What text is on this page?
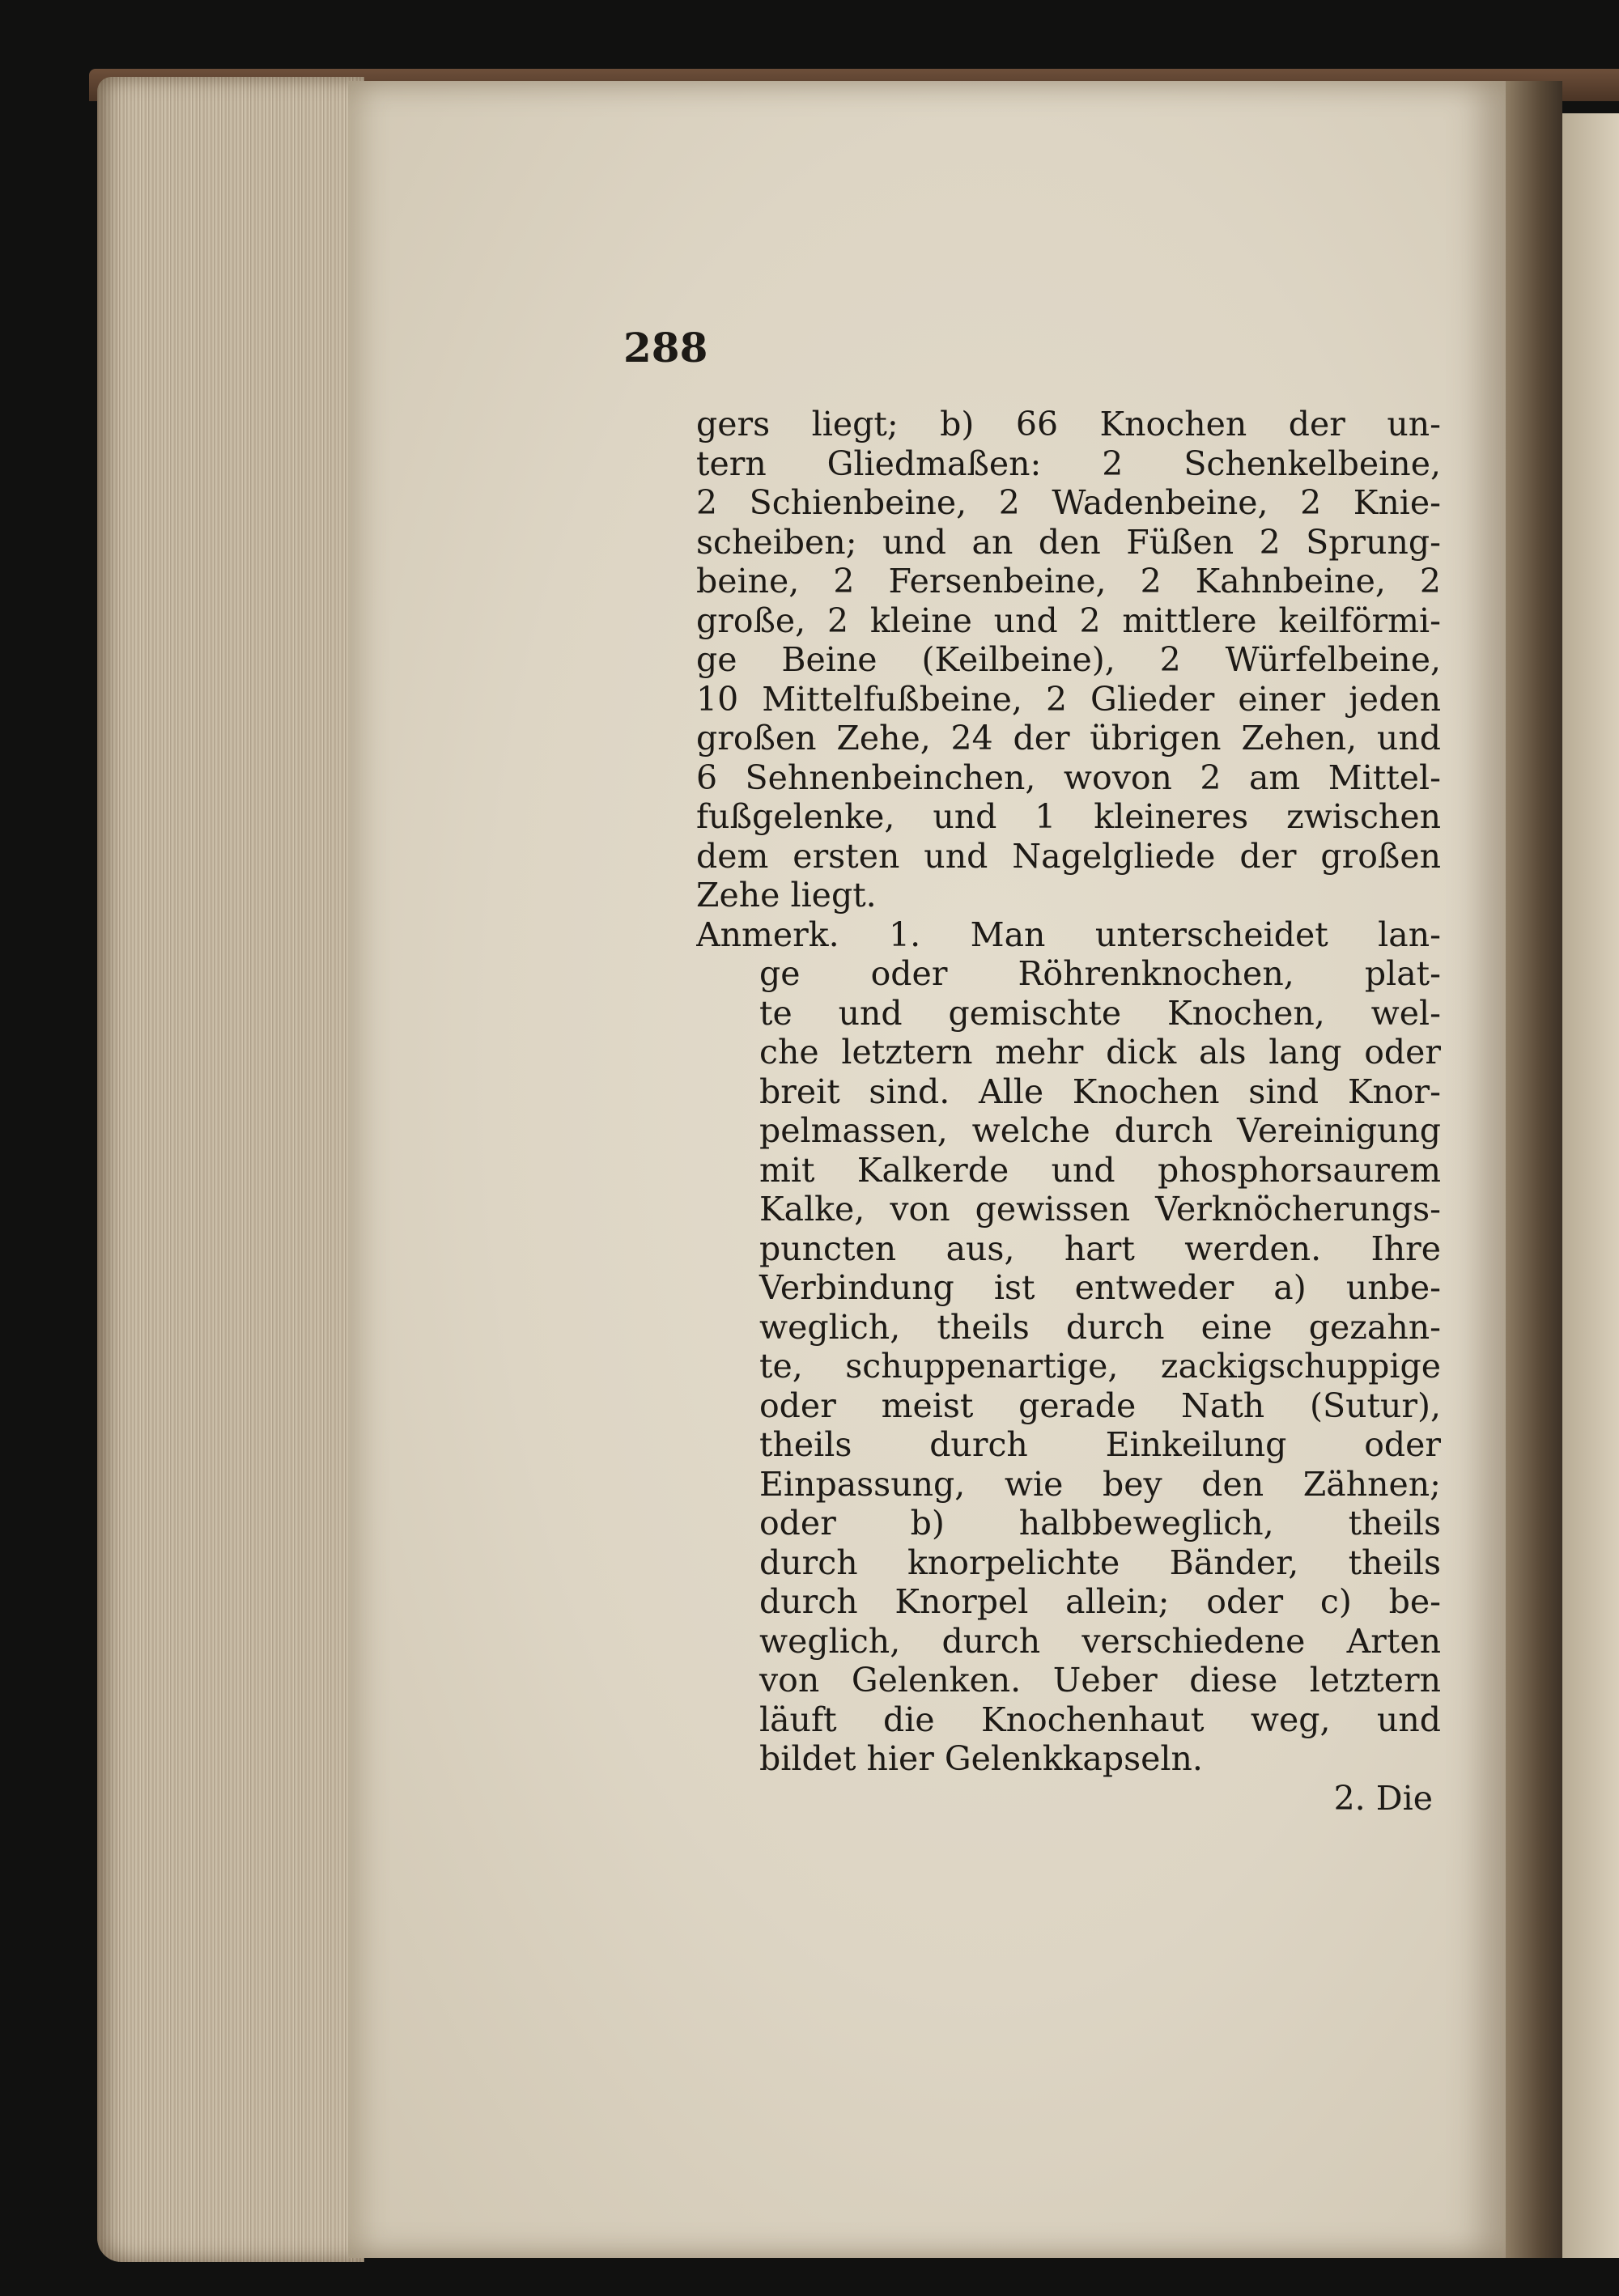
288
gers liegt; b) 66 Knochen der un-
tern Gliedmaßen: 2 Schenkelbeine,
2 Schienbeine, 2 Wadenbeine, 2 Knie-
scheiben; und an den Füßen 2 Sprung-
beine, 2 Fersenbeine, 2 Kahnbeine, 2
große, 2 kleine und 2 mittlere keilförmi-
ge Beine (Keilbeine), 2 Würfelbeine,
10 Mittelfußbeine, 2 Glieder einer jeden
großen Zehe, 24 der übrigen Zehen, und
6 Sehnenbeinchen, wovon 2 am Mittel-
fußgelenke, und 1 kleineres zwischen
dem ersten und Nagelgliede der großen
Zehe liegt.
Anmerk. 1. Man unterscheidet lan-
ge oder Röhrenknochen, plat-
te und gemischte Knochen, wel-
che letztern mehr dick als lang oder
breit sind. Alle Knochen sind Knor-
pelmassen, welche durch Vereinigung
mit Kalkerde und phosphorsaurem
Kalke, von gewissen Verknöcherungs-
puncten aus, hart werden. Ihre
Verbindung ist entweder a) unbe-
weglich, theils durch eine gezahn-
te, schuppenartige, zackigschuppige
oder meist gerade Nath (Sutur),
theils durch Einkeilung oder
Einpassung, wie bey den Zähnen;
oder b) halbbeweglich, theils
durch knorpelichte Bänder, theils
durch Knorpel allein; oder c) be-
weglich, durch verschiedene Arten
von Gelenken. Ueber diese letztern
läuft die Knochenhaut weg, und
bildet hier Gelenkkapseln.
2. Die
